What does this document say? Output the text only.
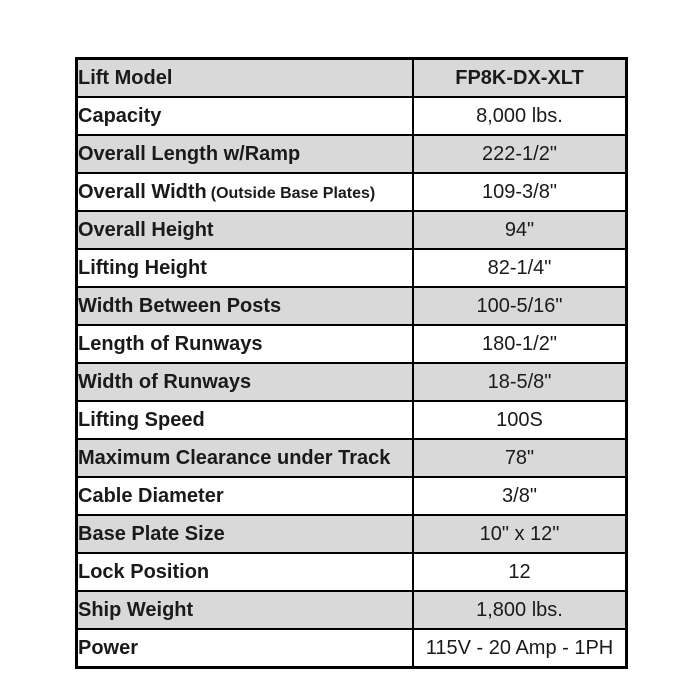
Lift Model	FP8K-DX-XLT
Capacity	8,000 lbs.
Overall Length w/Ramp	222-1/2"
Overall Width (Outside Base Plates)	109-3/8"
Overall Height	94"
Lifting Height	82-1/4"
Width Between Posts	100-5/16"
Length of Runways	180-1/2"
Width of Runways	18-5/8"
Lifting Speed	100S
Maximum Clearance under Track	78"
Cable Diameter	3/8"
Base Plate Size	10" x 12"
Lock Position	12
Ship Weight	1,800 lbs.
Power	115V - 20 Amp - 1PH
